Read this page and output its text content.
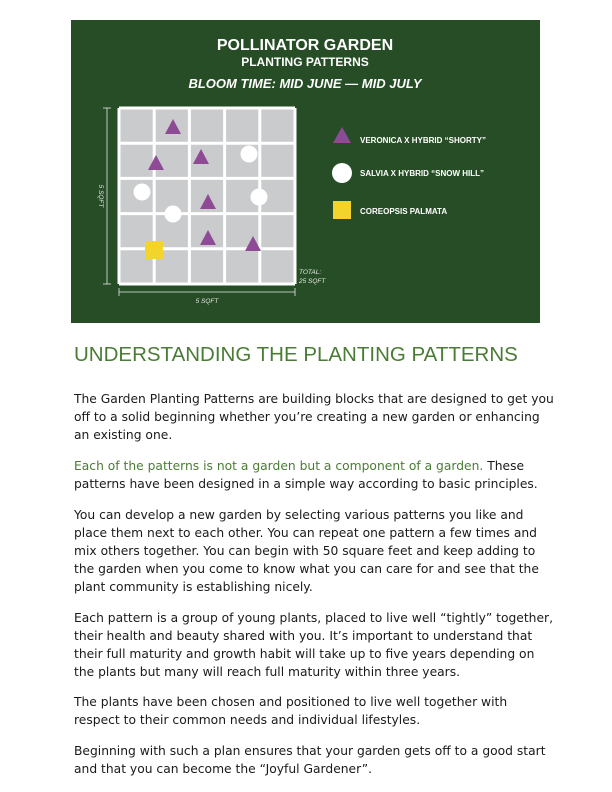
POLLINATOR GARDEN
PLANTING PATTERNS
BLOOM TIME: MID JUNE — MID JULY
5 SQFT
5 SQFT
TOTAL:
25 SQFT
VERONICA X HYBRID “SHORTY”
SALVIA X HYBRID “SNOW HILL”
COREOPSIS PALMATA
UNDERSTANDING THE PLANTING PATTERNS

The Garden Planting Patterns are building blocks that are designed to get you off to a solid beginning whether you’re creating a new garden or enhancing an existing one.

Each of the patterns is not a garden but a component of a garden. These patterns have been designed in a simple way according to basic principles.

You can develop a new garden by selecting various patterns you like and place them next to each other. You can repeat one pattern a few times and mix others together. You can begin with 50 square feet and keep adding to the garden when you come to know what you can care for and see that the plant community is establishing nicely.

Each pattern is a group of young plants, placed to live well “tightly” together, their health and beauty shared with you. It’s important to understand that their full maturity and growth habit will take up to five years depending on the plants but many will reach full maturity within three years.

The plants have been chosen and positioned to live well together with respect to their common needs and individual lifestyles.

Beginning with such a plan ensures that your garden gets off to a good start and that you can become the “Joyful Gardener”.
